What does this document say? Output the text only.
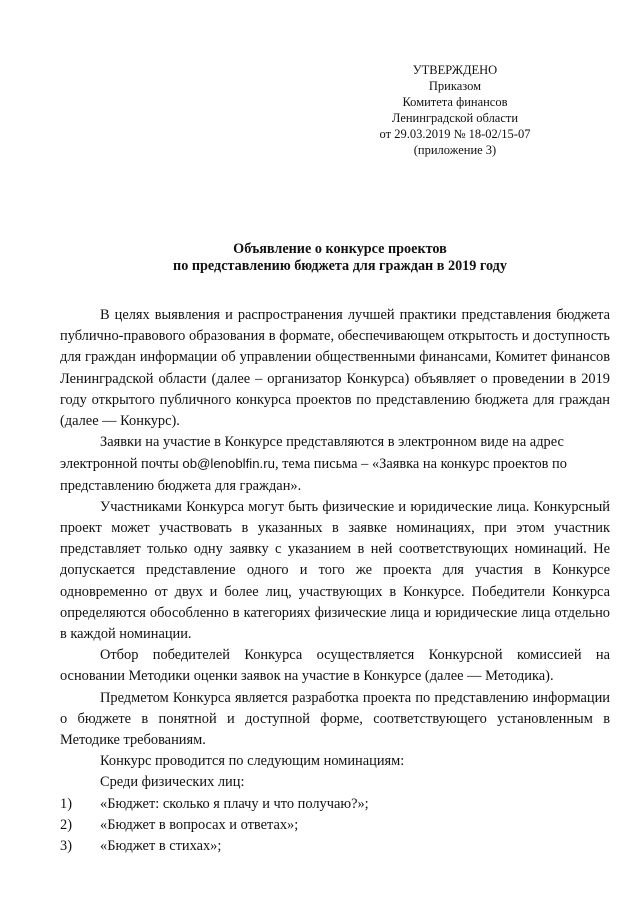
УТВЕРЖДЕНО
Приказом
Комитета финансов
Ленинградской области
от 29.03.2019 № 18-02/15-07
(приложение 3)
Объявление о конкурсе проектов
по представлению бюджета для граждан в 2019 году

В целях выявления и распространения лучшей практики представления бюджета публично-правового образования в формате, обеспечивающем открытость и доступность для граждан информации об управлении общественными финансами, Комитет финансов Ленинградской области (далее – организатор Конкурса) объявляет о проведении в 2019 году открытого публичного конкурса проектов по представлению бюджета для граждан (далее — Конкурс).

Заявки на участие в Конкурсе представляются в электронном виде на адрес электронной почты ob@lenoblfin.ru, тема письма – «Заявка на конкурс проектов по представлению бюджета для граждан».

Участниками Конкурса могут быть физические и юридические лица. Конкурсный проект может участвовать в указанных в заявке номинациях, при этом участник представляет только одну заявку с указанием в ней соответствующих номинаций. Не допускается представление одного и того же проекта для участия в Конкурсе одновременно от двух и более лиц, участвующих в Конкурсе. Победители Конкурса определяются обособленно в категориях физические лица и юридические лица отдельно в каждой номинации.

Отбор победителей Конкурса осуществляется Конкурсной комиссией на основании Методики оценки заявок на участие в Конкурсе (далее — Методика).

Предметом Конкурса является разработка проекта по представлению информации о бюджете в понятной и доступной форме, соответствующего установленным в Методике требованиям.

Конкурс проводится по следующим номинациям:

Среди физических лиц:

1) «Бюджет: сколько я плачу и что получаю?»;
2) «Бюджет в вопросах и ответах»;
3) «Бюджет в стихах»;
